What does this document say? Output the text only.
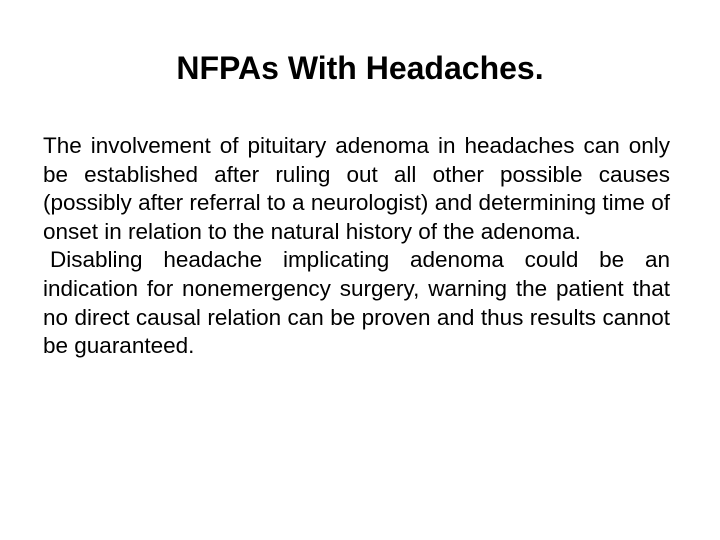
NFPAs With Headaches.

The involvement of pituitary adenoma in headaches can only be established after ruling out all other possible causes (possibly after referral to a neurologist) and determining time of onset in relation to the natural history of the adenoma.

Disabling headache implicating adenoma could be an indication for nonemergency surgery, warning the patient that no direct causal relation can be proven and thus results cannot be guaranteed.
